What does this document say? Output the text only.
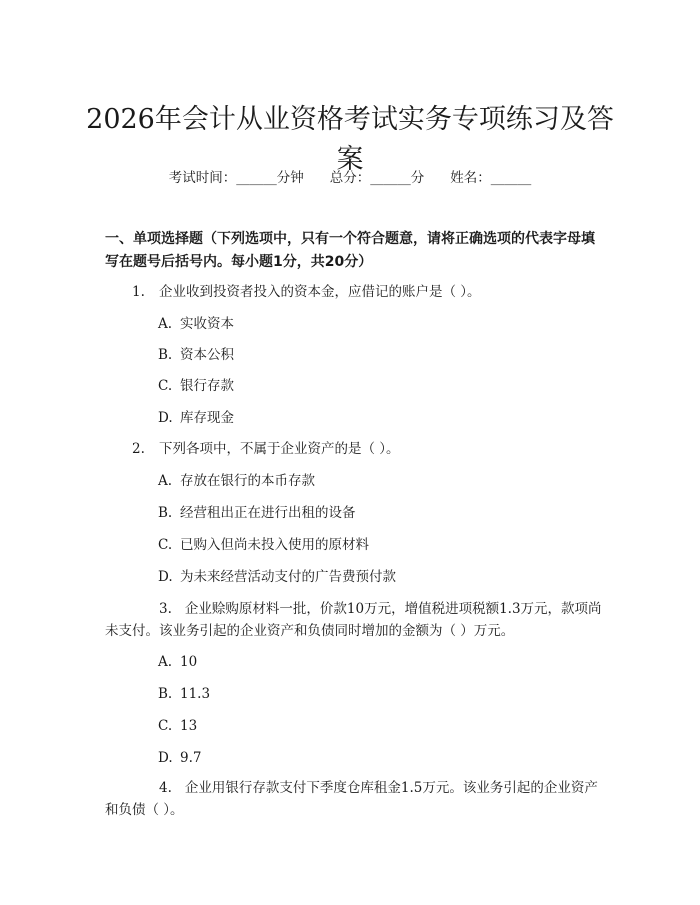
2026年会计从业资格考试实务专项练习及答案
考试时间：______分钟 总分：______分 姓名：______
一、单项选择题（下列选项中，只有一个符合题意，请将正确选项的代表字母填写在题号后括号内。每小题1分，共20分）
1. 企业收到投资者投入的资本金，应借记的账户是（ ）。
A. 实收资本
B. 资本公积
C. 银行存款
D. 库存现金
2. 下列各项中，不属于企业资产的是（ ）。
A. 存放在银行的本币存款
B. 经营租出正在进行出租的设备
C. 已购入但尚未投入使用的原材料
D. 为未来经营活动支付的广告费预付款
3. 企业赊购原材料一批，价款10万元，增值税进项税额1.3万元，款项尚未支付。该业务引起的企业资产和负债同时增加的金额为（ ）万元。
A. 10
B. 11.3
C. 13
D. 9.7
4. 企业用银行存款支付下季度仓库租金1.5万元。该业务引起的企业资产和负债（ ）。
